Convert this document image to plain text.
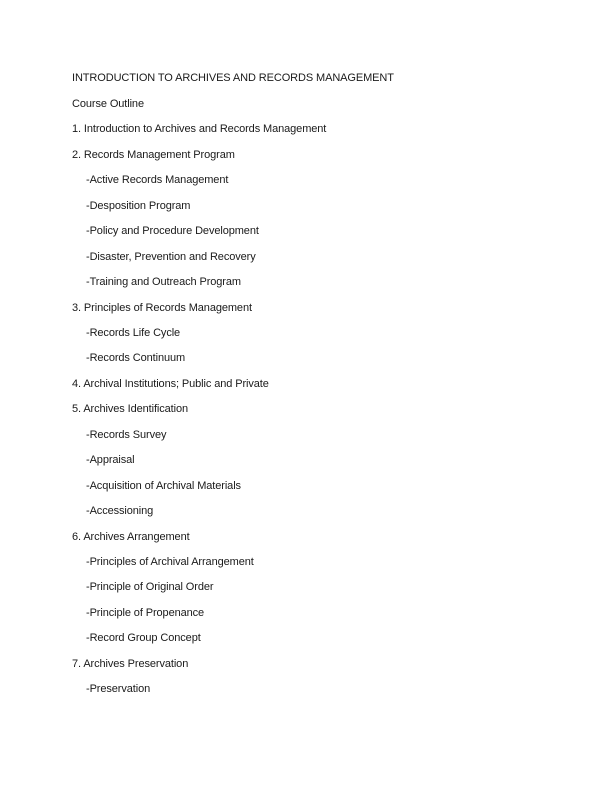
INTRODUCTION TO ARCHIVES AND RECORDS MANAGEMENT
Course Outline
1. Introduction to Archives and Records Management
2. Records Management Program
-Active Records Management
-Desposition Program
-Policy and Procedure Development
-Disaster, Prevention and Recovery
-Training and Outreach Program
3. Principles of Records Management
-Records Life Cycle
-Records Continuum
4. Archival Institutions; Public and Private
5. Archives Identification
-Records Survey
-Appraisal
-Acquisition of Archival Materials
-Accessioning
6. Archives Arrangement
-Principles of Archival Arrangement
-Principle of Original Order
-Principle of Propenance
-Record Group Concept
7. Archives Preservation
-Preservation
